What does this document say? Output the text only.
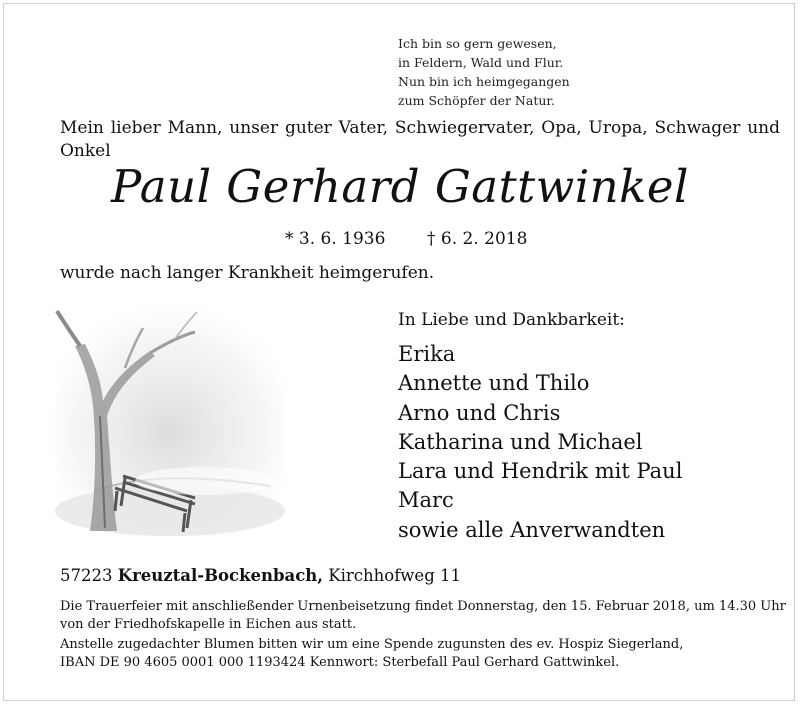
Ich bin so gern gewesen,
in Feldern, Wald und Flur.
Nun bin ich heimgegangen
zum Schöpfer der Natur.
Mein lieber Mann, unser guter Vater, Schwiegervater, Opa, Uropa, Schwager und Onkel
Paul Gerhard Gattwinkel
* 3. 6. 1936 † 6. 2. 2018
wurde nach langer Krankheit heimgerufen.
In Liebe und Dankbarkeit:
Erika
Annette und Thilo
Arno und Chris
Katharina und Michael
Lara und Hendrik mit Paul
Marc
sowie alle Anverwandten
57223 Kreuztal-Bockenbach, Kirchhofweg 11
Die Trauerfeier mit anschließender Urnenbeisetzung findet Donnerstag, den 15. Februar 2018, um 14.30 Uhr
von der Friedhofskapelle in Eichen aus statt.
Anstelle zugedachter Blumen bitten wir um eine Spende zugunsten des ev. Hospiz Siegerland,
IBAN DE 90 4605 0001 000 1193424 Kennwort: Sterbefall Paul Gerhard Gattwinkel.
